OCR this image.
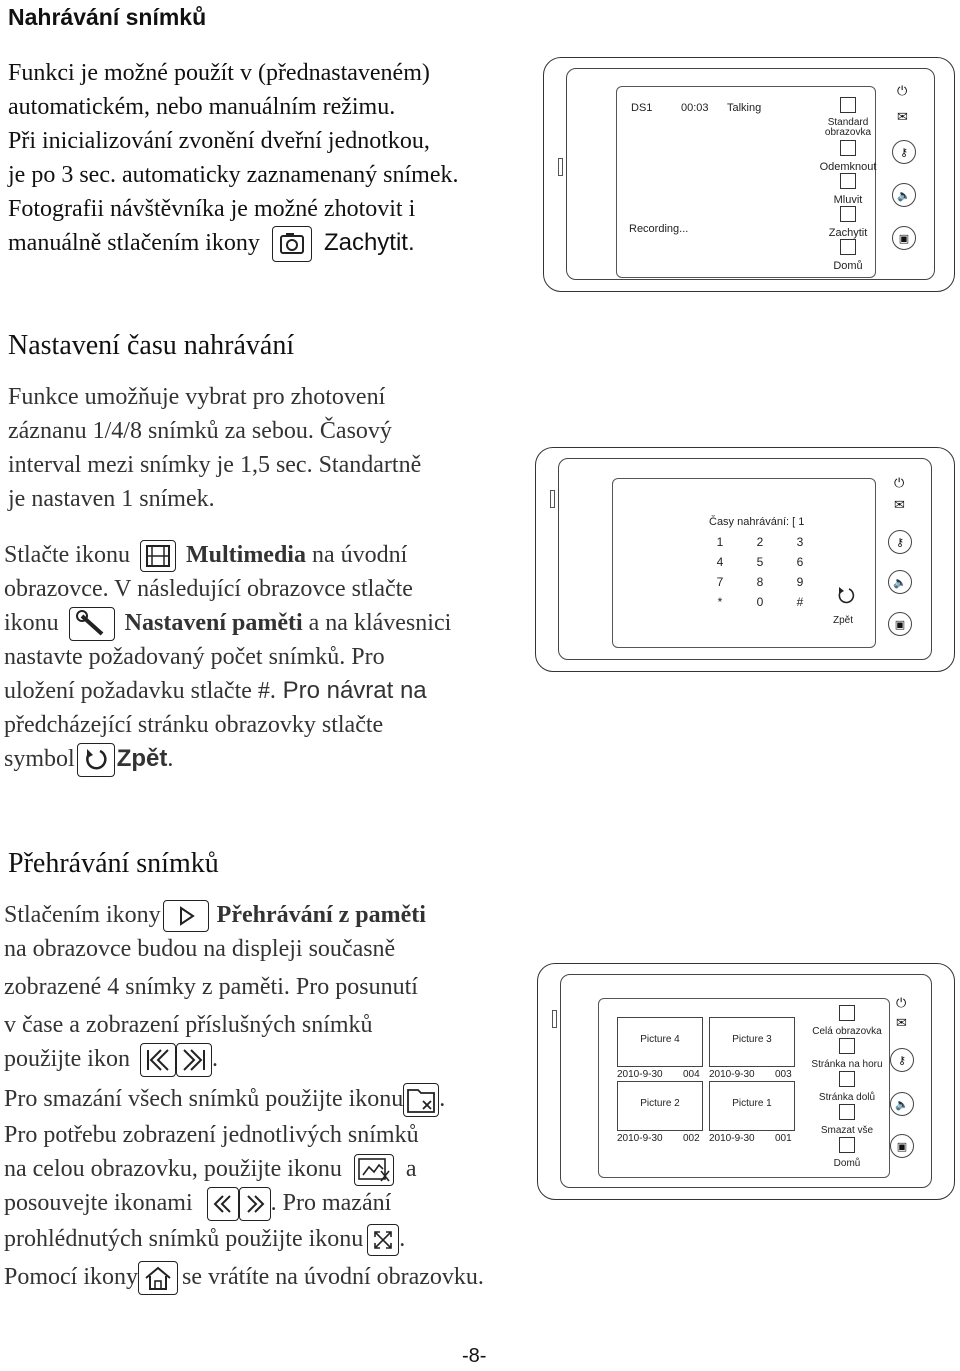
Nahrávání snímků
Funkci je možné použít v (přednastaveném)
automatickém, nebo manuálním režimu.
Při inicializování zvonění dveřní jednotkou,
je po 3 sec. automaticky zaznamenaný snímek.
Fotografii návštěvníka je možné zhotovit i
manuálně stlačením ikony	Zachytit.
DS1	00:03 Talking
Recording...
Standard
obrazovka
Odemknout
Mluvit
Zachytit
Domů
⏻
✉
⚷
🔈
▣
Nastavení času nahrávání
Funkce umožňuje vybrat pro zhotovení
záznanu 1/4/8 snímků za sebou. Časový
interval mezi snímky je 1,5 sec. Standartně
je nastaven 1 snímek.
Stlačte ikonu Multimedia na úvodní
obrazovce. V následující obrazovce stlačte
ikonu	Nastavení paměti a na klávesnici
nastavte požadovaný počet snímků. Pro
uložení požadavku stlačte #. Pro návrat na
předcházející stránku obrazovky stlačte
symbol Zpět.
Časy nahrávání: [ 1
1	2	3
4	5	6
7	8	9
*	0	#
Zpět
⏻
✉
⚷
🔈
▣
Přehrávání snímků
Stlačením ikony Přehrávání z paměti
na obrazovce budou na displeji současně
zobrazené 4 snímky z paměti. Pro posunutí
v čase a zobrazení příslušných snímků
použijte ikon	.
Pro smazání všech snímků použijte ikonu .
Pro potřebu zobrazení jednotlivých snímků
na celou obrazovku, použijte ikonu	a
posouvejte ikonami	. Pro mazání
prohlédnutých snímků použijte ikonu .
Pomocí ikony se vrátíte na úvodní obrazovku.
Picture 4
2010-9-30 004
Picture 3
2010-9-30 003
Picture 2
2010-9-30 002
Picture 1
2010-9-30 001
Celá obrazovka
Stránka na horu
Stránka dolů
Smazat vše
Domů
⏻
✉
⚷
🔈
▣
-8-
